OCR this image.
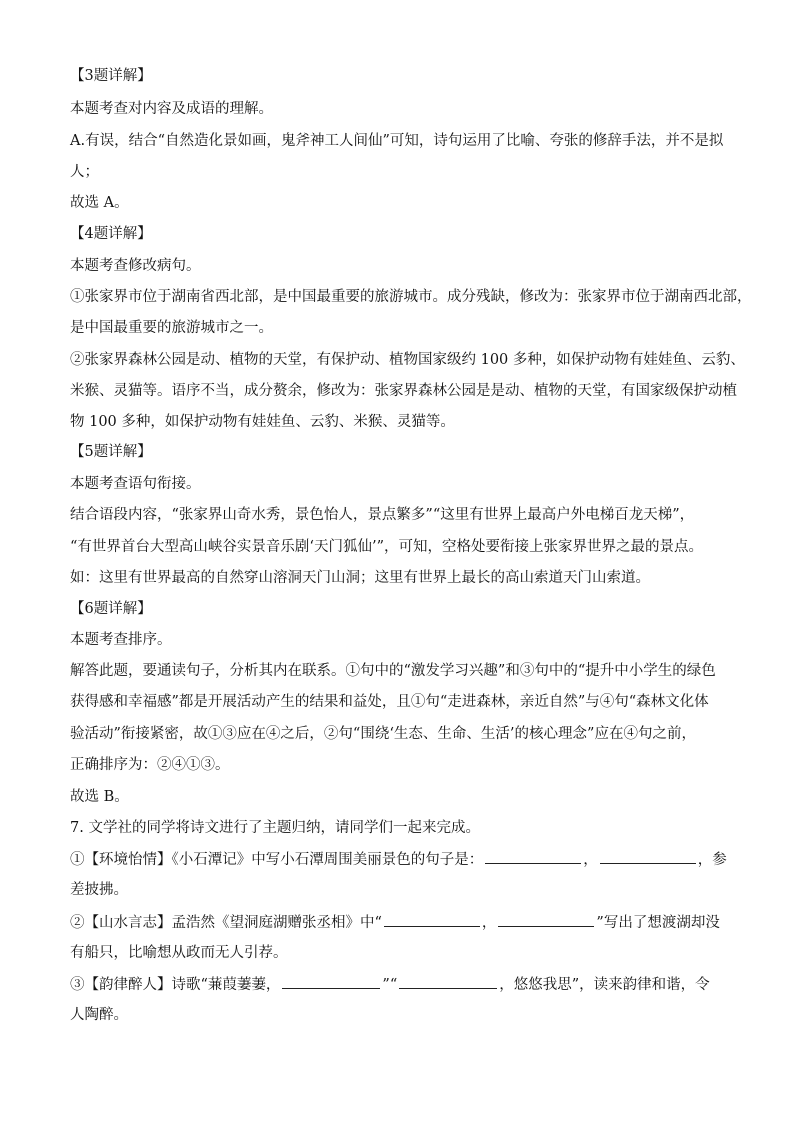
【3题详解】
本题考查对内容及成语的理解。
A.有误，结合“自然造化景如画，鬼斧神工人间仙”可知，诗句运用了比喻、夸张的修辞手法，并不是拟
人；
故选 A。
【4题详解】
本题考查修改病句。
①张家界市位于湖南省西北部，是中国最重要的旅游城市。成分残缺，修改为：张家界市位于湖南西北部，
是中国最重要的旅游城市之一。
②张家界森林公园是动、植物的天堂，有保护动、植物国家级约 100 多种，如保护动物有娃娃鱼、云豹、
米猴、灵猫等。语序不当，成分赘余，修改为：张家界森林公园是是动、植物的天堂，有国家级保护动植
物 100 多种，如保护动物有娃娃鱼、云豹、米猴、灵猫等。
【5题详解】
本题考查语句衔接。
结合语段内容，“张家界山奇水秀，景色怡人，景点繁多”“这里有世界上最高户外电梯百龙天梯”，
“有世界首台大型高山峡谷实景音乐剧‘天门狐仙’”，可知，空格处要衔接上张家界世界之最的景点。
如：这里有世界最高的自然穿山溶洞天门山洞；这里有世界上最长的高山索道天门山索道。
【6题详解】
本题考查排序。
解答此题，要通读句子，分析其内在联系。①句中的“激发学习兴趣”和③句中的“提升中小学生的绿色
获得感和幸福感”都是开展活动产生的结果和益处，且①句“走进森林，亲近自然”与④句“森林文化体
验活动”衔接紧密，故①③应在④之后，②句“围绕‘生态、生命、生活’的核心理念”应在④句之前，
正确排序为：②④①③。
故选 B。
7. 文学社的同学将诗文进行了主题归纳，请同学们一起来完成。
①【环境怡情】《小石潭记》中写小石潭周围美丽景色的句子是：	，	，参
差披拂。
②【山水言志】孟浩然《望洞庭湖赠张丞相》中“	，	”写出了想渡湖却没
有船只，比喻想从政而无人引荐。
③【韵律醉人】诗歌“蒹葭萋萋，	”“	，悠悠我思”，读来韵律和谐，令
人陶醉。
